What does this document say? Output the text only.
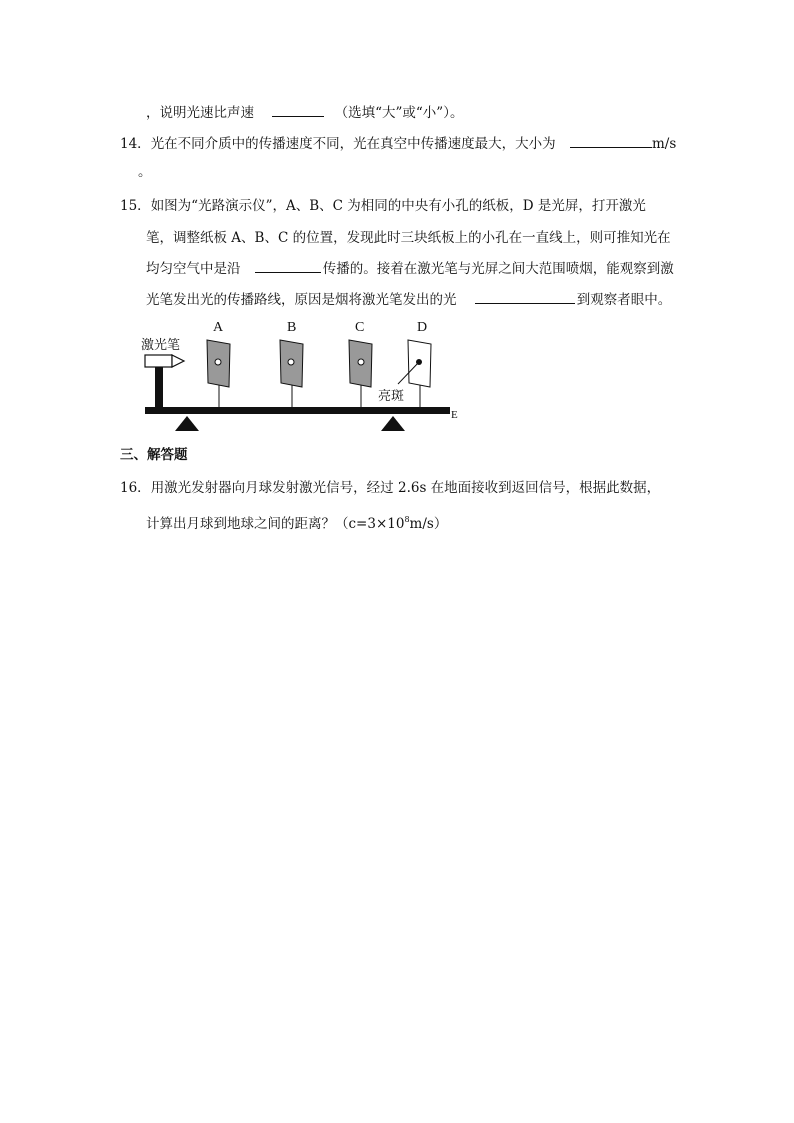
，说明光速比声速	（选填“大”或“小”）。
14．光在不同介质中的传播速度不同，光在真空中传播速度最大，大小为	m/s
。
15．如图为“光路演示仪”，A、B、C 为相同的中央有小孔的纸板，D 是光屏，打开激光
笔，调整纸板 A、B、C 的位置，发现此时三块纸板上的小孔在一直线上，则可推知光在
均匀空气中是沿	传播的。接着在激光笔与光屏之间大范围喷烟，能观察到激
光笔发出光的传播路线，原因是烟将激光笔发出的光	到观察者眼中。
E
激光笔
A	B	C	D
亮斑
三、解答题
16．用激光发射器向月球发射激光信号，经过 2.6s 在地面接收到返回信号，根据此数据，
计算出月球到地球之间的距离？$(c=3\times 10^8m/s)$
